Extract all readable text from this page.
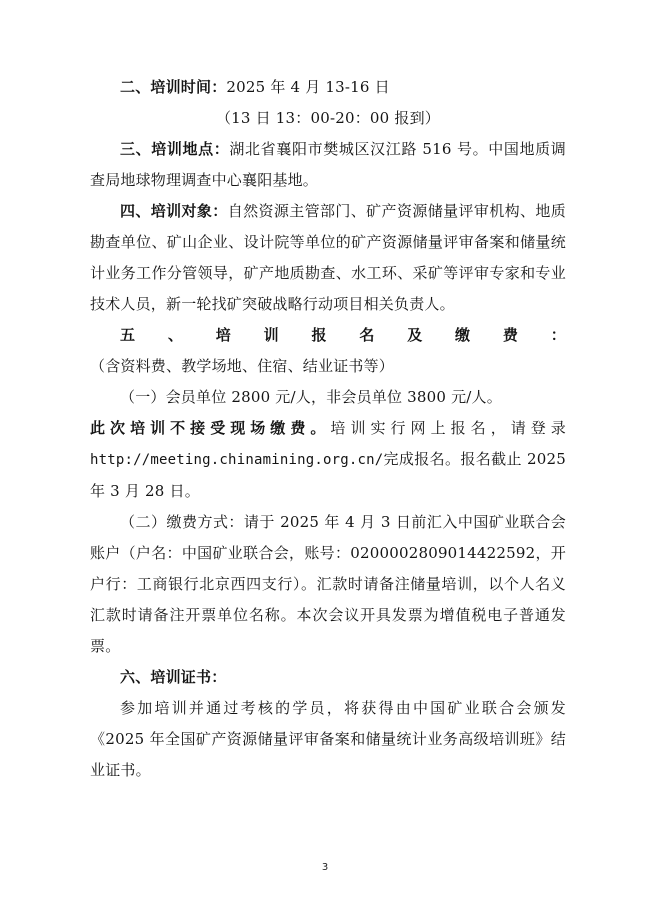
二、培训时间：2025 年 4 月 13-16 日

（13 日 13：00-20：00 报到）

三、培训地点：湖北省襄阳市樊城区汉江路 516 号。中国地质调查局地球物理调查中心襄阳基地。

四、培训对象：自然资源主管部门、矿产资源储量评审机构、地质勘查单位、矿山企业、设计院等单位的矿产资源储量评审备案和储量统计业务工作分管领导，矿产地质勘查、水工环、采矿等评审专家和专业技术人员，新一轮找矿突破战略行动项目相关负责人。

五、培训报名及缴费：（含资料费、教学场地、住宿、结业证书等）

（一）会员单位 2800 元/人，非会员单位 3800 元/人。

此次培训不接受现场缴费。培训实行网上报名，请登录http://meeting.chinamining.org.cn/完成报名。报名截止 2025 年 3 月 28 日。

（二）缴费方式：请于 2025 年 4 月 3 日前汇入中国矿业联合会账户（户名：中国矿业联合会，账号：0200002809014422592，开户行：工商银行北京西四支行）。汇款时请备注储量培训，以个人名义汇款时请备注开票单位名称。本次会议开具发票为增值税电子普通发票。

六、培训证书：

参加培训并通过考核的学员，将获得由中国矿业联合会颁发《2025 年全国矿产资源储量评审备案和储量统计业务高级培训班》结业证书。

3
